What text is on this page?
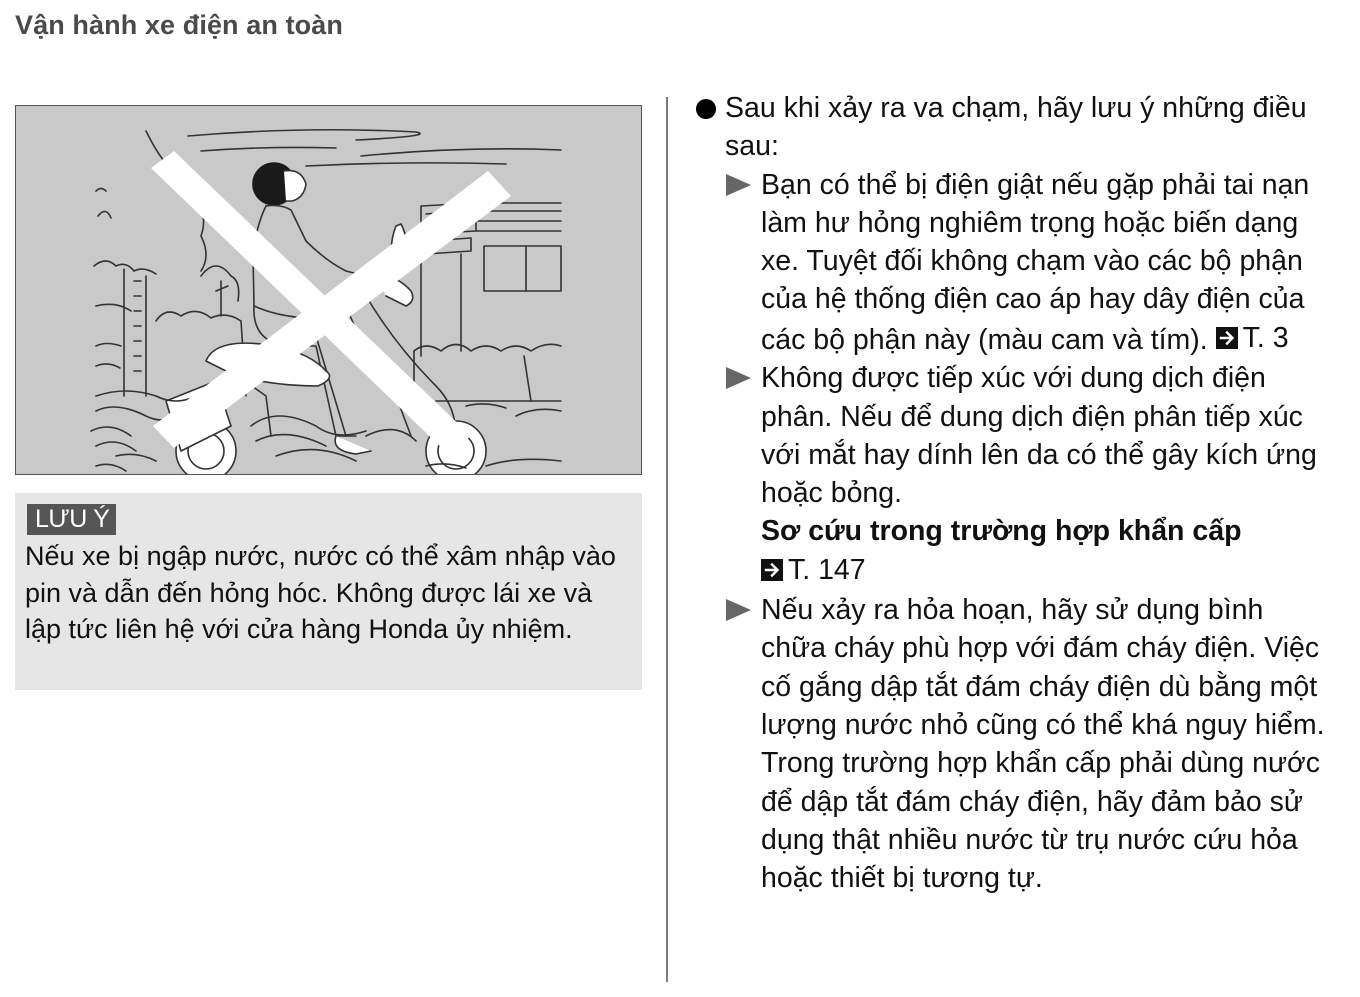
Vận hành xe điện an toàn
LƯU Ý
Nếu xe bị ngập nước, nước có thể xâm nhập vào pin và dẫn đến hỏng hóc. Không được lái xe và lập tức liên hệ với cửa hàng Honda ủy nhiệm.
Sau khi xảy ra va chạm, hãy lưu ý những điều sau:
Bạn có thể bị điện giật nếu gặp phải tai nạn làm hư hỏng nghiêm trọng hoặc biến dạng xe. Tuyệt đối không chạm vào các bộ phận của hệ thống điện cao áp hay dây điện của các bộ phận này (màu cam và tím). T. 3
Không được tiếp xúc với dung dịch điện phân. Nếu để dung dịch điện phân tiếp xúc với mắt hay dính lên da có thể gây kích ứng hoặc bỏng.
Sơ cứu trong trường hợp khẩn cấp
T. 147
Nếu xảy ra hỏa hoạn, hãy sử dụng bình chữa cháy phù hợp với đám cháy điện. Việc cố gắng dập tắt đám cháy điện dù bằng một lượng nước nhỏ cũng có thể khá nguy hiểm. Trong trường hợp khẩn cấp phải dùng nước để dập tắt đám cháy điện, hãy đảm bảo sử dụng thật nhiều nước từ trụ nước cứu hỏa hoặc thiết bị tương tự.
